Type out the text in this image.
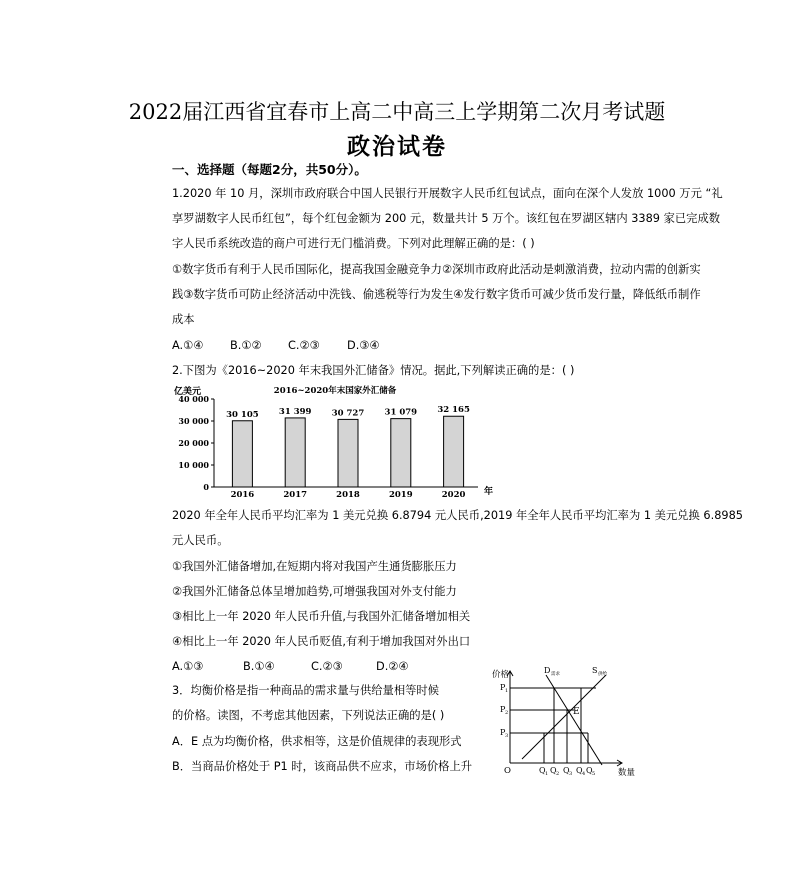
2022届江西省宜春市上高二中高三上学期第二次月考试题
政治试卷
一、选择题（每题2分，共50分）。
1.2020 年 10 月，深圳市政府联合中国人民银行开展数字人民币红包试点，面向在深个人发放 1000 万元 “礼
享罗湖数字人民币红包”，每个红包金额为 200 元，数量共计 5 万个。该红包在罗湖区辖内 3389 家已完成数
字人民币系统改造的商户可进行无门槛消费。下列对此理解正确的是：( )
①数字货币有利于人民币国际化，提高我国金融竞争力②深圳市政府此活动是刺激消费，拉动内需的创新实
践③数字货币可防止经济活动中洗钱、偷逃税等行为发生④发行数字货币可减少货币发行量，降低纸币制作
成本
A.①④ B.①② C.②③ D.③④
2.下图为《2016~2020 年末我国外汇储备》情况。据此,下列解读正确的是：( )
亿美元	2016~2020年末国家外汇储备
年
0
10 000
20 000
30 000
40 000
30 105 31 399 30 727 31 079 32 165
2016	2017	2018	2019	2020
2020 年全年人民币平均汇率为 1 美元兑换 6.8794 元人民币,2019 年全年人民币平均汇率为 1 美元兑换 6.8985
元人民币。
①我国外汇储备增加,在短期内将对我国产生通货膨胀压力
②我国外汇储备总体呈增加趋势,可增强我国对外支付能力
③相比上一年 2020 年人民币升值,与我国外汇储备增加相关
④相比上一年 2020 年人民币贬值,有利于增加我国对外出口
A.①③	B.①④	C.②③	D.②④
3．均衡价格是指一种商品的需求量与供给量相等时候
的价格。读图，不考虑其他因素，下列说法正确的是( )
A．E 点为均衡价格，供求相等，这是价值规律的表现形式
B．当商品价格处于 P1 时，该商品供不应求，市场价格上升
价格
数量
O
D 需求	S 供给
E
P 1
P 2
P 3
Q 1 Q 2 Q 3 Q 4 Q 5
